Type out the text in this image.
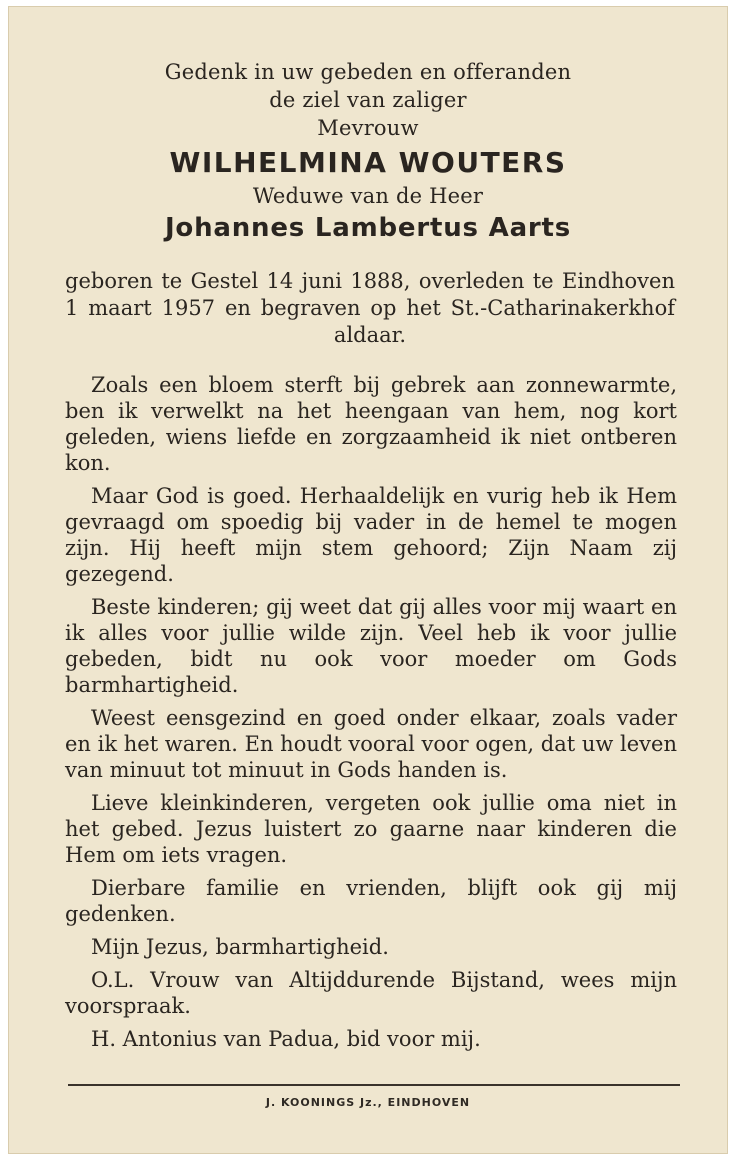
Gedenk in uw gebeden en offeranden
de ziel van zaliger
Mevrouw
WILHELMINA WOUTERS
Weduwe van de Heer
Johannes Lambertus Aarts

geboren te Gestel 14 juni 1888, overleden te Eindhoven 1 maart 1957 en begraven op het St.-Catharinakerkhof aldaar.

Zoals een bloem sterft bij gebrek aan zonnewarmte, ben ik verwelkt na het heengaan van hem, nog kort geleden, wiens liefde en zorgzaamheid ik niet ontberen kon.

Maar God is goed. Herhaaldelijk en vurig heb ik Hem gevraagd om spoedig bij vader in de hemel te mogen zijn. Hij heeft mijn stem gehoord; Zijn Naam zij gezegend.

Beste kinderen; gij weet dat gij alles voor mij waart en ik alles voor jullie wilde zijn. Veel heb ik voor jullie gebeden, bidt nu ook voor moeder om Gods barmhartigheid.

Weest eensgezind en goed onder elkaar, zoals vader en ik het waren. En houdt vooral voor ogen, dat uw leven van minuut tot minuut in Gods handen is.

Lieve kleinkinderen, vergeten ook jullie oma niet in het gebed. Jezus luistert zo gaarne naar kinderen die Hem om iets vragen.

Dierbare familie en vrienden, blijft ook gij mij gedenken.

Mijn Jezus, barmhartigheid.

O.L. Vrouw van Altijddurende Bijstand, wees mijn voorspraak.

H. Antonius van Padua, bid voor mij.

J. KOONINGS Jz., EINDHOVEN
